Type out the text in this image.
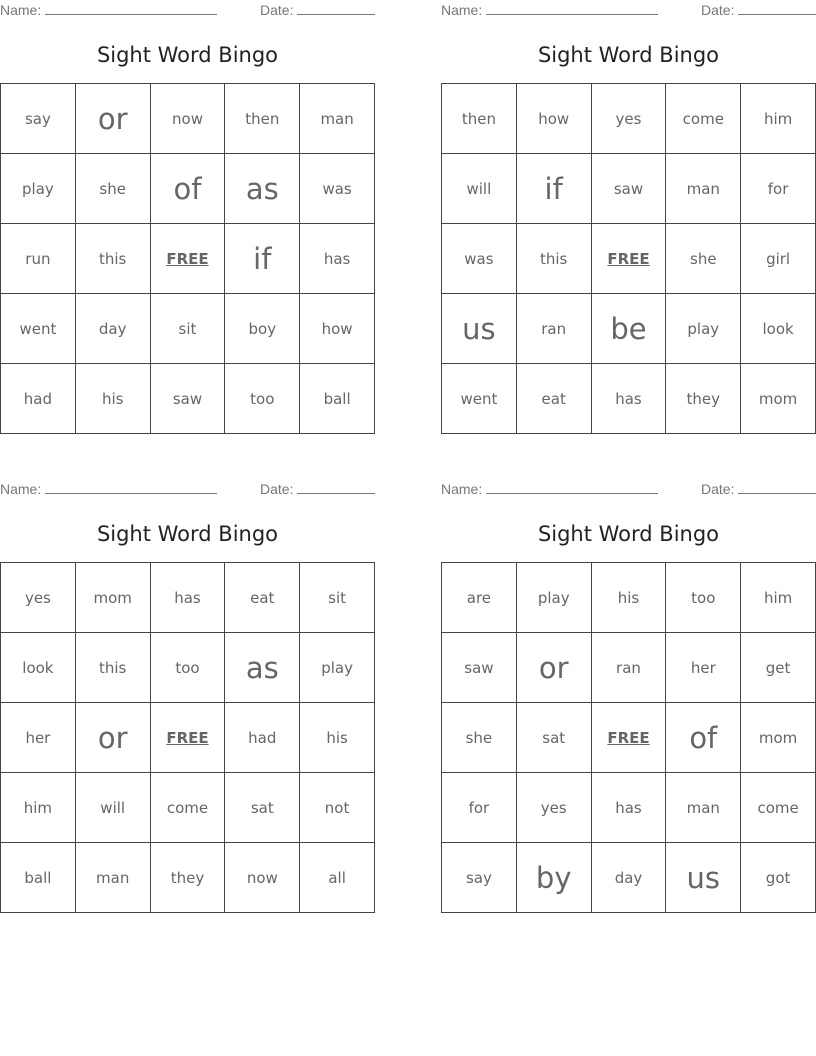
Name:	Date:
Sight Word Bingo
say	or	now	then	man
play	she	of	as	was
run	this	FREE	if	has
went	day	sit	boy	how
had	his	saw	too	ball
Name:	Date:
Sight Word Bingo
then	how	yes	come	him
will	if	saw	man	for
was	this	FREE	she	girl
us	ran	be	play	look
went	eat	has	they	mom
Name:	Date:
Sight Word Bingo
yes	mom	has	eat	sit
look	this	too	as	play
her	or	FREE	had	his
him	will	come	sat	not
ball	man	they	now	all
Name:	Date:
Sight Word Bingo
are	play	his	too	him
saw	or	ran	her	get
she	sat	FREE	of	mom
for	yes	has	man	come
say	by	day	us	got
